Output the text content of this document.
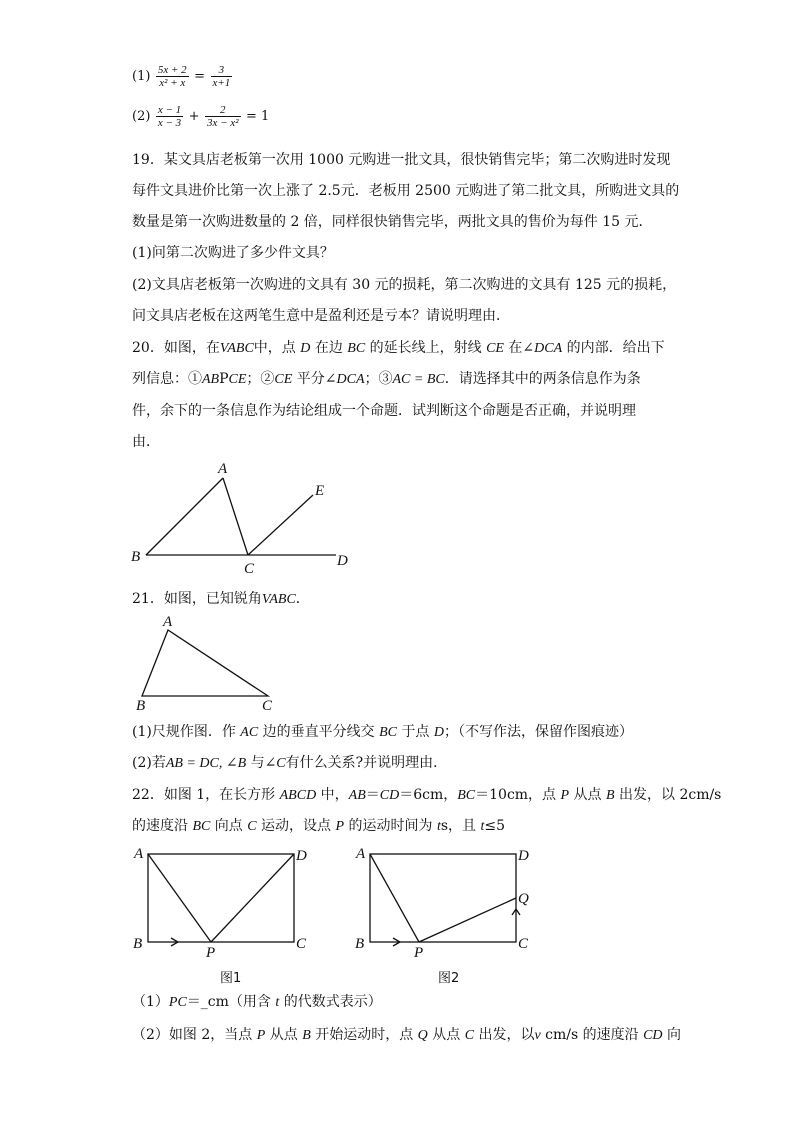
$(1) \frac{5x + 2}{\text{x² + x}} = \frac{3}{x+1}$
$(2) \frac{x - 1}{x - 3} + \frac{2}{\text{3x − x²}} = 1$
19．某文具店老板第一次用 1000 元购进一批文具，很快销售完毕；第二次购进时发现
每件文具进价比第一次上涨了 2.5元．老板用 2500 元购进了第二批文具，所购进文具的
数量是第一次购进数量的 2 倍，同样很快销售完毕，两批文具的售价为每件 15 元．
(1)问第二次购进了多少件文具？
(2)文具店老板第一次购进的文具有 30 元的损耗，第二次购进的文具有 125 元的损耗，
问文具店老板在这两笔生意中是盈利还是亏本？请说明理由．
20．如图，在VABC中，点 D 在边 BC 的延长线上，射线 CE 在∠DCA 的内部．给出下
列信息：①ABPCE；②CE 平分∠DCA；③AC = BC．请选择其中的两条信息作为条
件，余下的一条信息作为结论组成一个命题．试判断这个命题是否正确，并说明理
由．
A
B
C	D
E
21．如图，已知锐角VABC．
A
B	C
(1)尺规作图．作 AC 边的垂直平分线交 BC 于点 D；（不写作法，保留作图痕迹）
(2)若AB = DC, ∠B 与∠C有什么关系?并说明理由．
22．如图 1，在长方形 ABCD 中，AB＝CD＝6cm，BC＝10cm，点 P 从点 B 出发，以 2cm/s
的速度沿 BC 向点 C 运动，设点 P 的运动时间为 ts，且 t≤5
A
B	C
D
P
图1
A
B	C
D
P
Q
图2
（1）PC＝_cm（用含 t 的代数式表示）
（2）如图 2，当点 P 从点 B 开始运动时，点 Q 从点 C 出发，以v cm/s 的速度沿 CD 向
